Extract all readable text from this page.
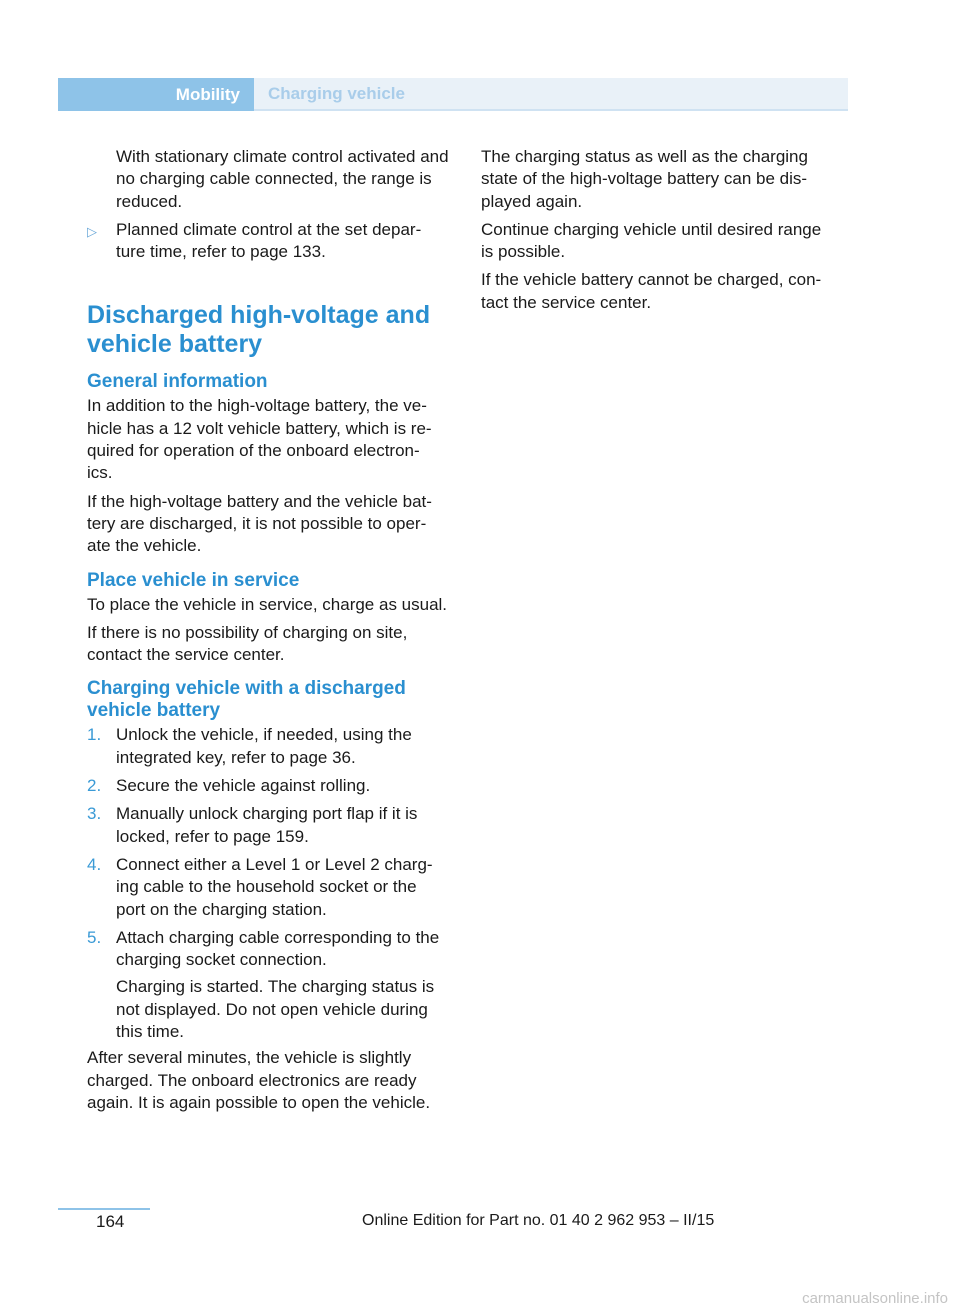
Mobility	Charging vehicle

With stationary climate control activated and no charging cable connected, the range is reduced.

▷	Planned climate control at the set depar‐ ture time, refer to page 133.
Discharged high-voltage and vehicle battery
General information

In addition to the high-voltage battery, the ve‐ hicle has a 12 volt vehicle battery, which is re‐ quired for operation of the onboard electron‐ ics.

If the high-voltage battery and the vehicle bat‐ tery are discharged, it is not possible to oper‐ ate the vehicle.

Place vehicle in service

To place the vehicle in service, charge as usual.

If there is no possibility of charging on site, contact the service center.

Charging vehicle with a discharged vehicle battery
1. Unlock the vehicle, if needed, using the integrated key, refer to page 36.
2. Secure the vehicle against rolling.
3. Manually unlock charging port flap if it is locked, refer to page 159.
4. Connect either a Level 1 or Level 2 charg‐ ing cable to the household socket or the port on the charging station.
5. Attach charging cable corresponding to the charging socket connection.

Charging is started. The charging status is not displayed. Do not open vehicle during this time.

After several minutes, the vehicle is slightly charged. The onboard electronics are ready again. It is again possible to open the vehicle.

The charging status as well as the charging state of the high-voltage battery can be dis‐ played again.

Continue charging vehicle until desired range is possible.

If the vehicle battery cannot be charged, con‐ tact the service center.

164	Online Edition for Part no. 01 40 2 962 953 – II/15
carmanualsonline.info
